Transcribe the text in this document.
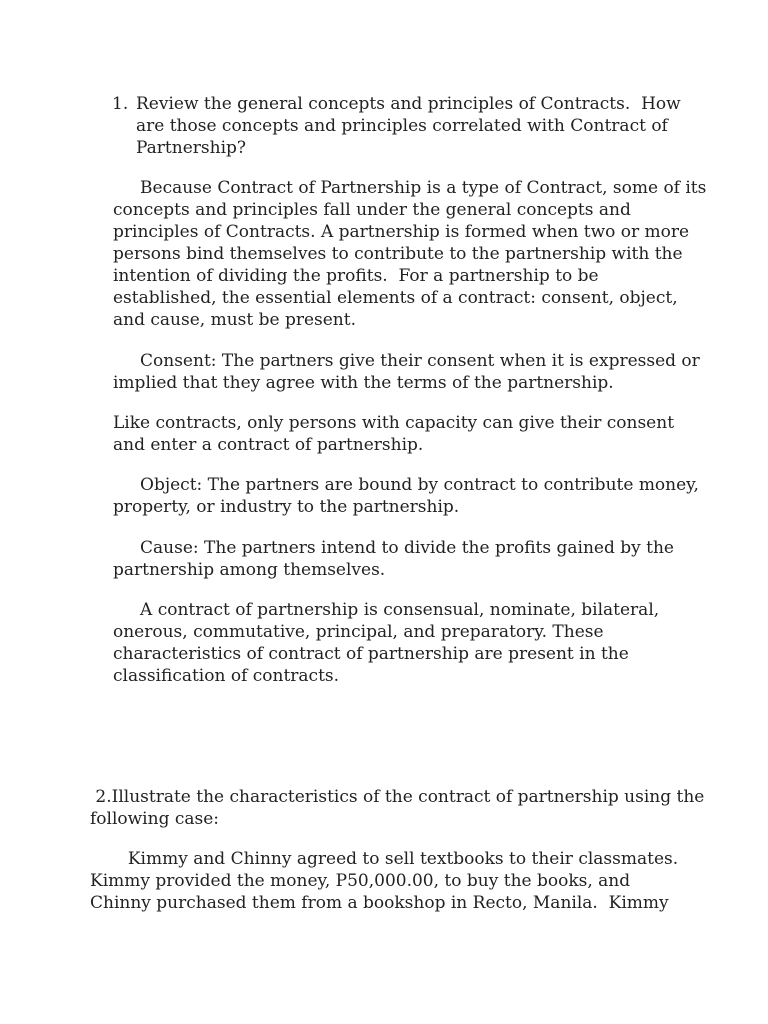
1. Review the general concepts and principles of Contracts.  How
are those concepts and principles correlated with Contract of
Partnership?
Because Contract of Partnership is a type of Contract, some of its
concepts and principles fall under the general concepts and
principles of Contracts. A partnership is formed when two or more
persons bind themselves to contribute to the partnership with the
intention of dividing the profits.  For a partnership to be
established, the essential elements of a contract: consent, object,
and cause, must be present.
Consent: The partners give their consent when it is expressed or
implied that they agree with the terms of the partnership.
Like contracts, only persons with capacity can give their consent
and enter a contract of partnership.
Object: The partners are bound by contract to contribute money,
property, or industry to the partnership.
Cause: The partners intend to divide the profits gained by the
partnership among themselves.
A contract of partnership is consensual, nominate, bilateral,
onerous, commutative, principal, and preparatory. These
characteristics of contract of partnership are present in the
classification of contracts.
2.Illustrate the characteristics of the contract of partnership using the
following case:
Kimmy and Chinny agreed to sell textbooks to their classmates.
Kimmy provided the money, P50,000.00, to buy the books, and
Chinny purchased them from a bookshop in Recto, Manila.  Kimmy
